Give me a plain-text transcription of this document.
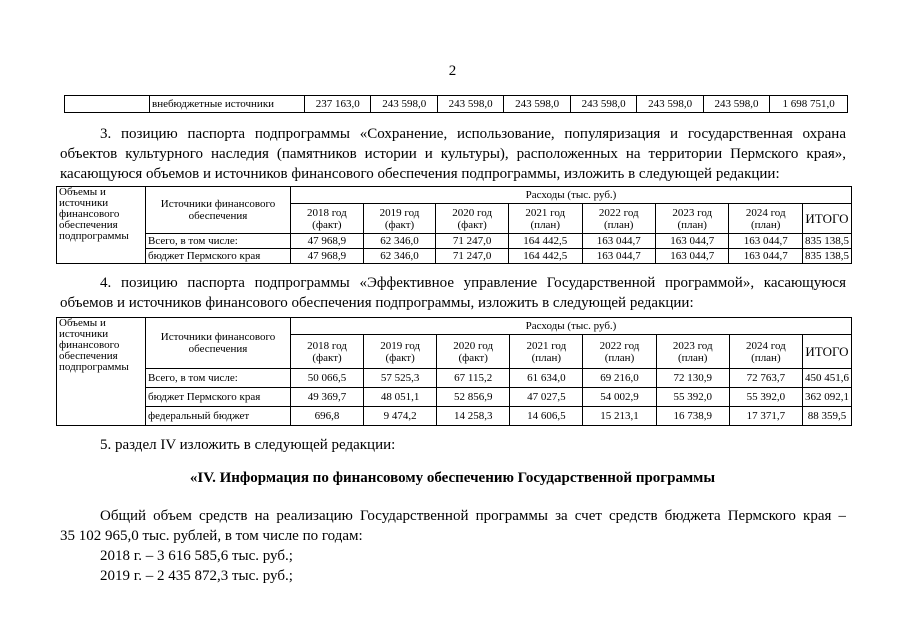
2
	внебюджетные источники	237 163,0	243 598,0	243 598,0	243 598,0	243 598,0	243 598,0	243 598,0	1 698 751,0
3. позицию паспорта подпрограммы «Сохранение, использование, популяризация и государственная охрана
объектов культурного наследия (памятников истории и культуры), расположенных на территории Пермского края»,
касающуюся объемов и источников финансового обеспечения подпрограммы, изложить в следующей редакции:
Объемы и источники финансового обеспечения подпрограммы	Источники финансового обеспечения	Расходы (тыс. руб.)							
		2018 год (факт)	2019 год (факт)	2020 год (факт)	2021 год (план)	2022 год (план)	2023 год (план)	2024 год (план)	ИТОГО
	Всего, в том числе:	47 968,9	62 346,0	71 247,0	164 442,5	163 044,7	163 044,7	163 044,7	835 138,5
	бюджет Пермского края	47 968,9	62 346,0	71 247,0	164 442,5	163 044,7	163 044,7	163 044,7	835 138,5
4. позицию паспорта подпрограммы «Эффективное управление Государственной программой», касающуюся
объемов и источников финансового обеспечения подпрограммы, изложить в следующей редакции:
Объемы и источники финансового обеспечения подпрограммы	Источники финансового обеспечения	Расходы (тыс. руб.)							
		2018 год (факт)	2019 год (факт)	2020 год (факт)	2021 год (план)	2022 год (план)	2023 год (план)	2024 год (план)	ИТОГО
	Всего, в том числе:	50 066,5	57 525,3	67 115,2	61 634,0	69 216,0	72 130,9	72 763,7	450 451,6
	бюджет Пермского края	49 369,7	48 051,1	52 856,9	47 027,5	54 002,9	55 392,0	55 392,0	362 092,1
	федеральный бюджет	696,8	9 474,2	14 258,3	14 606,5	15 213,1	16 738,9	17 371,7	88 359,5
5. раздел IV изложить в следующей редакции:
«IV. Информация по финансовому обеспечению Государственной программы
Общий объем средств на реализацию Государственной программы за счет средств бюджета Пермского края –
35 102 965,0 тыс. рублей, в том числе по годам:
2018 г. – 3 616 585,6 тыс. руб.;
2019 г. – 2 435 872,3 тыс. руб.;
